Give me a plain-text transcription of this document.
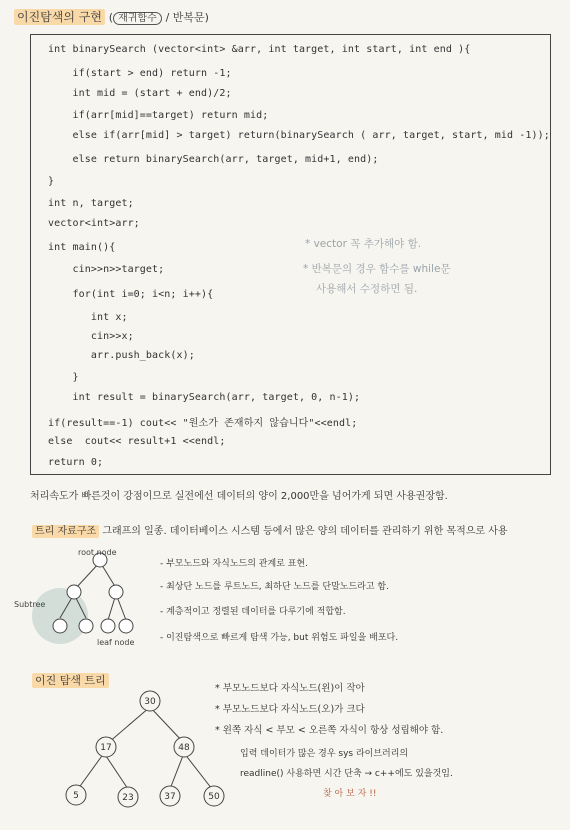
이진탐색의 구현 ( 재귀함수 / 반복문)
int binarySearch (vector<int> &arr, int target, int start, int end ){
if(start > end) return -1;
int mid = (start + end)/2;
if(arr[mid]==target) return mid;
else if(arr[mid] > target) return(binarySearch ( arr, target, start, mid -1));
else return binarySearch(arr, target, mid+1, end);
}
int n, target;
vector<int>arr;
int main(){
cin>>n>>target;
for(int i=0; i<n; i++){
int x;
cin>>x;
arr.push_back(x);
}
int result = binarySearch(arr, target, 0, n-1);
if(result==-1) cout<< "원소가 존재하지 않습니다"<<endl;
else  cout<< result+1 <<endl;
return 0;
* vector 꼭 추가해야 함.
* 반복문의 경우 함수를 while문
사용해서 수정하면 됨.
처리속도가 빠른것이 강점이므로 실전에선 데이터의 양이 2,000만을 넘어가게 되면 사용권장함.
트리 자료구조 그래프의 일종. 데이터베이스 시스템 등에서 많은 양의 데이터를 관리하기 위한 목적으로 사용
root node
Subtree
leaf node
- 부모노드와 자식노드의 관계로 표현.
- 최상단 노드를 루트노드, 최하단 노드를 단말노드라고 함.
- 계층적이고 정렬된 데이터를 다루기에 적합함.
- 이진탐색으로 빠르게 탐색 가능, but 위험도 파일을 배포다.
이진 탐색 트리
30
17	48
5	23	37	50
* 부모노드보다 자식노드(왼)이 작아
* 부모노드보다 자식노드(오)가 크다
* 왼쪽 자식 < 부모 < 오른쪽 자식이 항상 성립해야 함.
입력 데이터가 많은 경우 sys 라이브러리의
readline() 사용하면 시간 단축 → c++에도 있을것임.
찾 아 보 자 !!
